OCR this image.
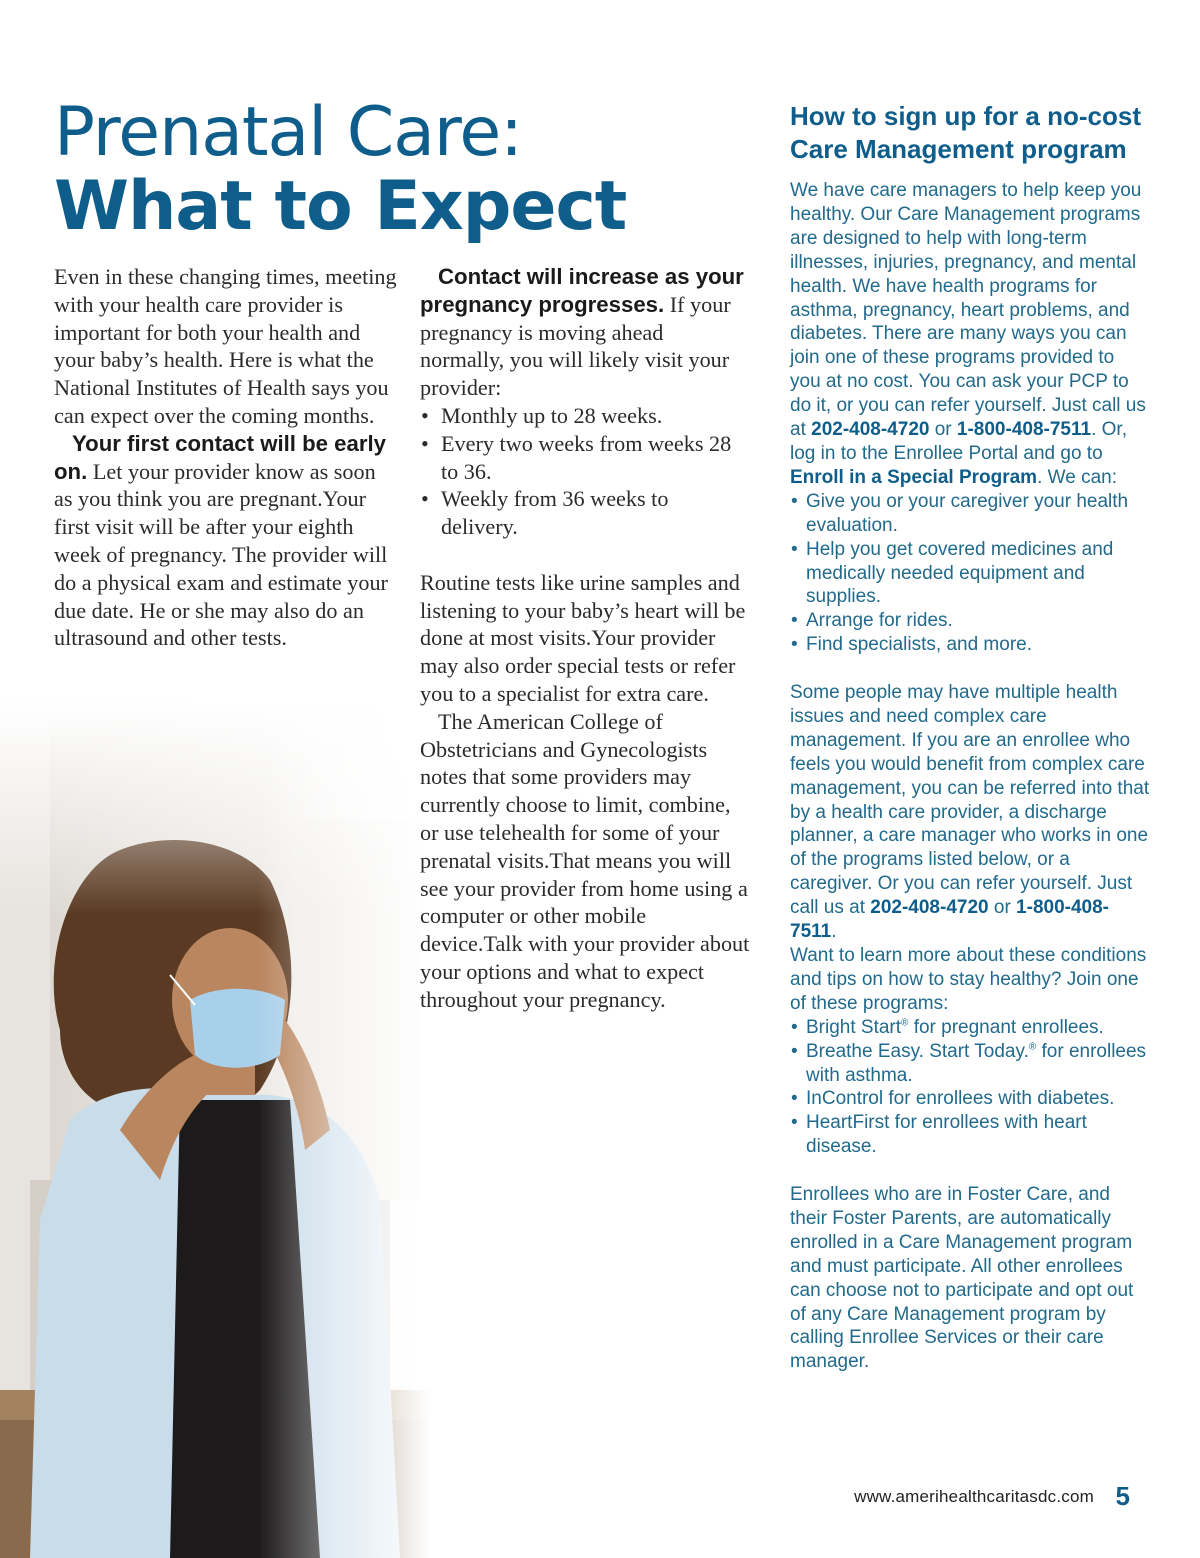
Prenatal Care:
What to Expect

Even in these changing times, meeting with your health care provider is important for both your health and your baby’s health. Here is what the National Institutes of Health says you can expect over the coming months.

Your first contact will be early on. Let your provider know as soon as you think you are pregnant.Your first visit will be after your eighth week of pregnancy. The provider will do a physical exam and estimate your due date. He or she may also do an ultrasound and other tests.

Contact will increase as your pregnancy progresses. If your pregnancy is moving ahead normally, you will likely visit your provider:

• Monthly up to 28 weeks.
• Every two weeks from weeks 28 to 36.
• Weekly from 36 weeks to delivery.

Routine tests like urine samples and listening to your baby’s heart will be done at most visits.Your provider may also order special tests or refer you to a specialist for extra care.

The American College of Obstetricians and Gynecologists notes that some providers may currently choose to limit, combine, or use telehealth for some of your prenatal visits.That means you will see your provider from home using a computer or other mobile device.Talk with your provider about your options and what to expect throughout your pregnancy.

How to sign up for a no-cost Care Management program

We have care managers to help keep you healthy. Our Care Management programs are designed to help with long-term illnesses, injuries, pregnancy, and mental health. We have health programs for asthma, pregnancy, heart problems, and diabetes. There are many ways you can join one of these programs provided to you at no cost. You can ask your PCP to do it, or you can refer yourself. Just call us at 202-408-4720 or 1-800-408-7511. Or, log in to the Enrollee Portal and go to Enroll in a Special Program. We can:

• Give you or your caregiver your health evaluation.
• Help you get covered medicines and medically needed equipment and supplies.
• Arrange for rides.
• Find specialists, and more.

Some people may have multiple health issues and need complex care management. If you are an enrollee who feels you would benefit from complex care management, you can be referred into that by a health care provider, a discharge planner, a care manager who works in one of the programs listed below, or a caregiver. Or you can refer yourself. Just call us at 202-408-4720 or 1-800-408-7511.

Want to learn more about these conditions and tips on how to stay healthy? Join one of these programs:

• Bright Start® for pregnant enrollees.
• Breathe Easy. Start Today.® for enrollees with asthma.
• InControl for enrollees with diabetes.
• HeartFirst for enrollees with heart disease.

Enrollees who are in Foster Care, and their Foster Parents, are automatically enrolled in a Care Management program and must participate. All other enrollees can choose not to participate and opt out of any Care Management program by calling Enrollee Services or their care manager.

www.amerihealthcaritasdc.com 5
